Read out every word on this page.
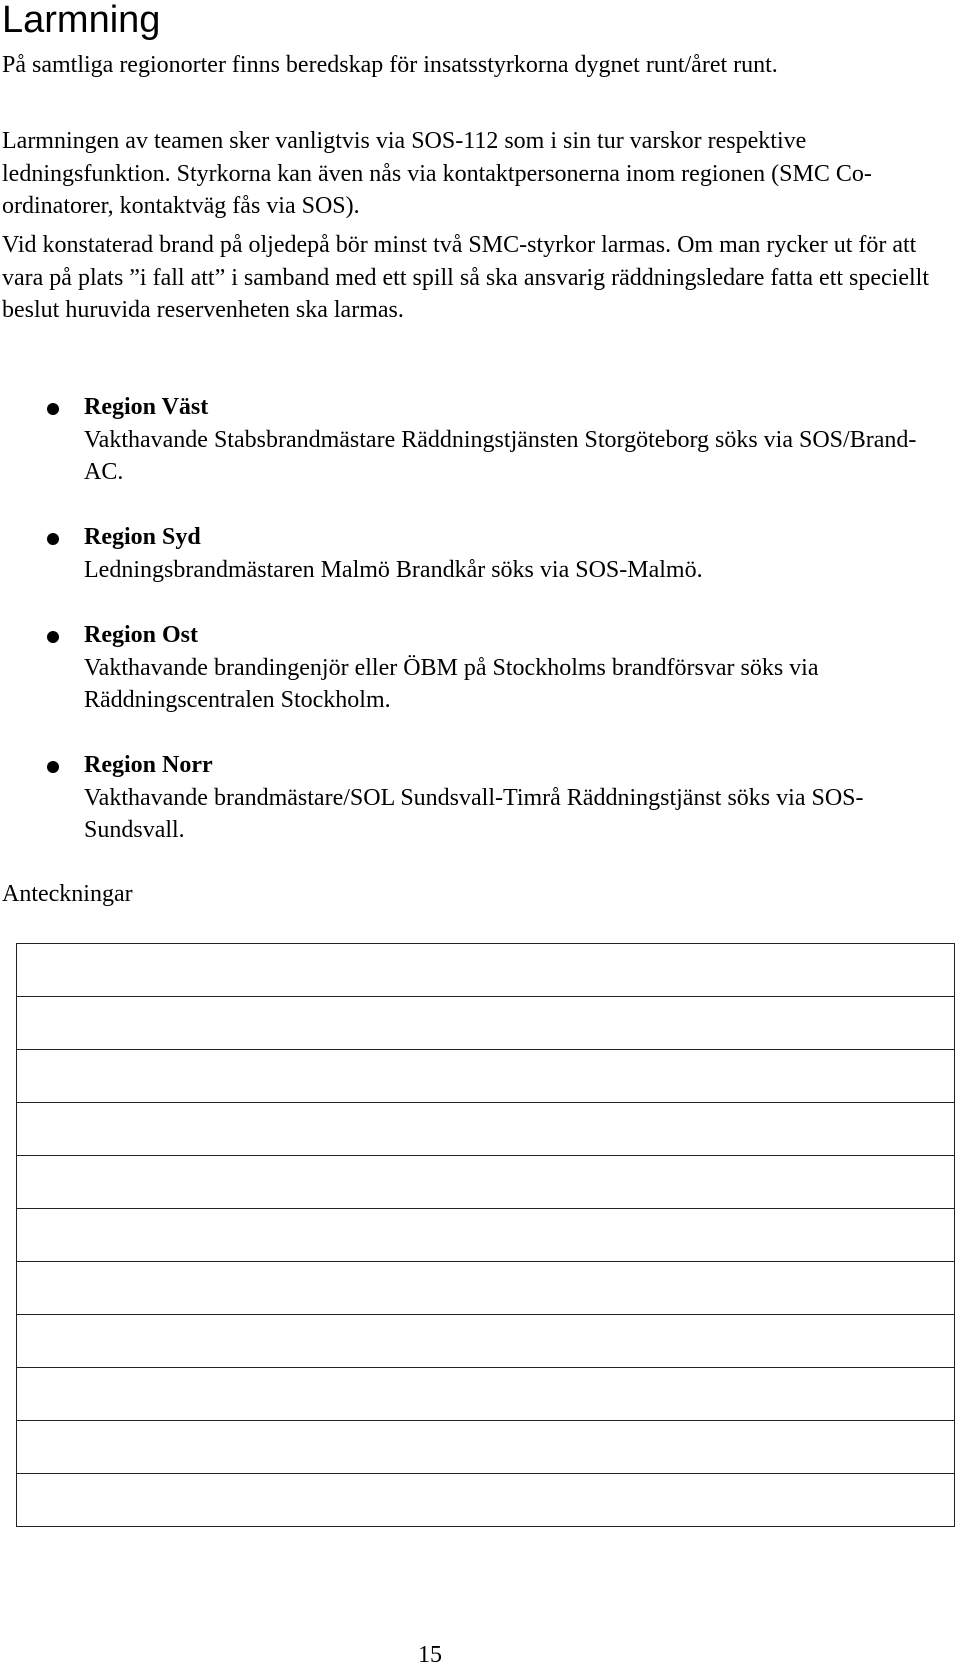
Larmning

På samtliga regionorter finns beredskap för insatsstyrkorna dygnet runt/året runt.

Larmningen av teamen sker vanligtvis via SOS-112 som i sin tur varskor respektive ledningsfunktion. Styrkorna kan även nås via kontaktpersonerna inom regionen (SMC Co-ordinatorer, kontaktväg fås via SOS).

Vid konstaterad brand på oljedepå bör minst två SMC-styrkor larmas. Om man rycker ut för att vara på plats ”i fall att” i samband med ett spill så ska ansvarig räddningsledare fatta ett speciellt beslut huruvida reservenheten ska larmas.

Region Väst
Vakthavande Stabsbrandmästare Räddningstjänsten Storgöteborg söks via SOS/Brand-AC.
Region Syd
Ledningsbrandmästaren Malmö Brandkår söks via SOS-Malmö.
Region Ost
Vakthavande brandingenjör eller ÖBM på Stockholms brandförsvar söks via Räddningscentralen Stockholm.
Region Norr
Vakthavande brandmästare/SOL Sundsvall-Timrå Räddningstjänst söks via SOS-Sundsvall.
Anteckningar

15
